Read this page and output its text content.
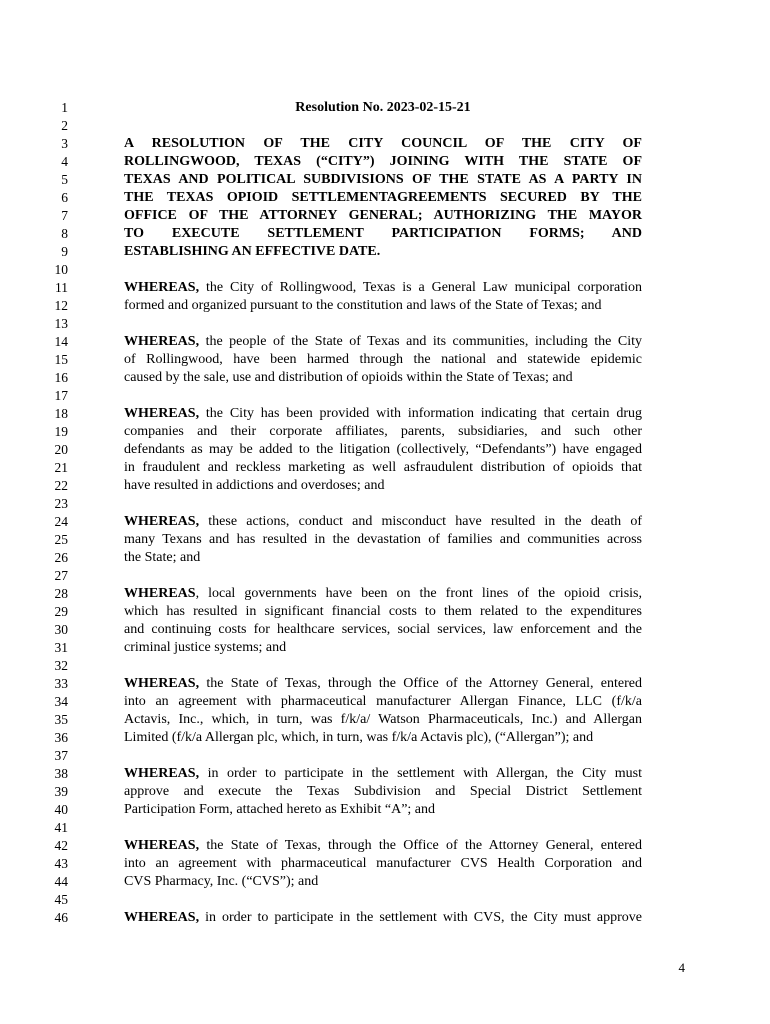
1
2
3
4
5
6
7
8
9
10
11
12
13
14
15
16
17
18
19
20
21
22
23
24
25
26
27
28
29
30
31
32
33
34
35
36
37
38
39
40
41
42
43
44
45
46
Resolution No. 2023-02-15-21
A RESOLUTION OF THE CITY COUNCIL OF THE CITY OF
ROLLINGWOOD, TEXAS (“CITY”) JOINING WITH THE STATE OF
TEXAS AND POLITICAL SUBDIVISIONS OF THE STATE AS A PARTY IN
THE TEXAS OPIOID SETTLEMENTAGREEMENTS SECURED BY THE
OFFICE OF THE ATTORNEY GENERAL; AUTHORIZING THE MAYOR
TO EXECUTE SETTLEMENT PARTICIPATION FORMS; AND
ESTABLISHING AN EFFECTIVE DATE.
WHEREAS, the City of Rollingwood, Texas is a General Law municipal corporation
formed and organized pursuant to the constitution and laws of the State of Texas; and
WHEREAS, the people of the State of Texas and its communities, including the City
of Rollingwood, have been harmed through the national and statewide epidemic
caused by the sale, use and distribution of opioids within the State of Texas; and
WHEREAS, the City has been provided with information indicating that certain drug
companies and their corporate affiliates, parents, subsidiaries, and such other
defendants as may be added to the litigation (collectively, “Defendants”) have engaged
in fraudulent and reckless marketing as well asfraudulent distribution of opioids that
have resulted in addictions and overdoses; and
WHEREAS, these actions, conduct and misconduct have resulted in the death of
many Texans and has resulted in the devastation of families and communities across
the State; and
WHEREAS, local governments have been on the front lines of the opioid crisis,
which has resulted in significant financial costs to them related to the expenditures
and continuing costs for healthcare services, social services, law enforcement and the
criminal justice systems; and
WHEREAS, the State of Texas, through the Office of the Attorney General, entered
into an agreement with pharmaceutical manufacturer Allergan Finance, LLC (f/k/a
Actavis, Inc., which, in turn, was f/k/a/ Watson Pharmaceuticals, Inc.) and Allergan
Limited (f/k/a Allergan plc, which, in turn, was f/k/a Actavis plc), (“Allergan”); and
WHEREAS, in order to participate in the settlement with Allergan, the City must
approve and execute the Texas Subdivision and Special District Settlement
Participation Form, attached hereto as Exhibit “A”; and
WHEREAS, the State of Texas, through the Office of the Attorney General, entered
into an agreement with pharmaceutical manufacturer CVS Health Corporation and
CVS Pharmacy, Inc. (“CVS”); and
WHEREAS, in order to participate in the settlement with CVS, the City must approve
4
